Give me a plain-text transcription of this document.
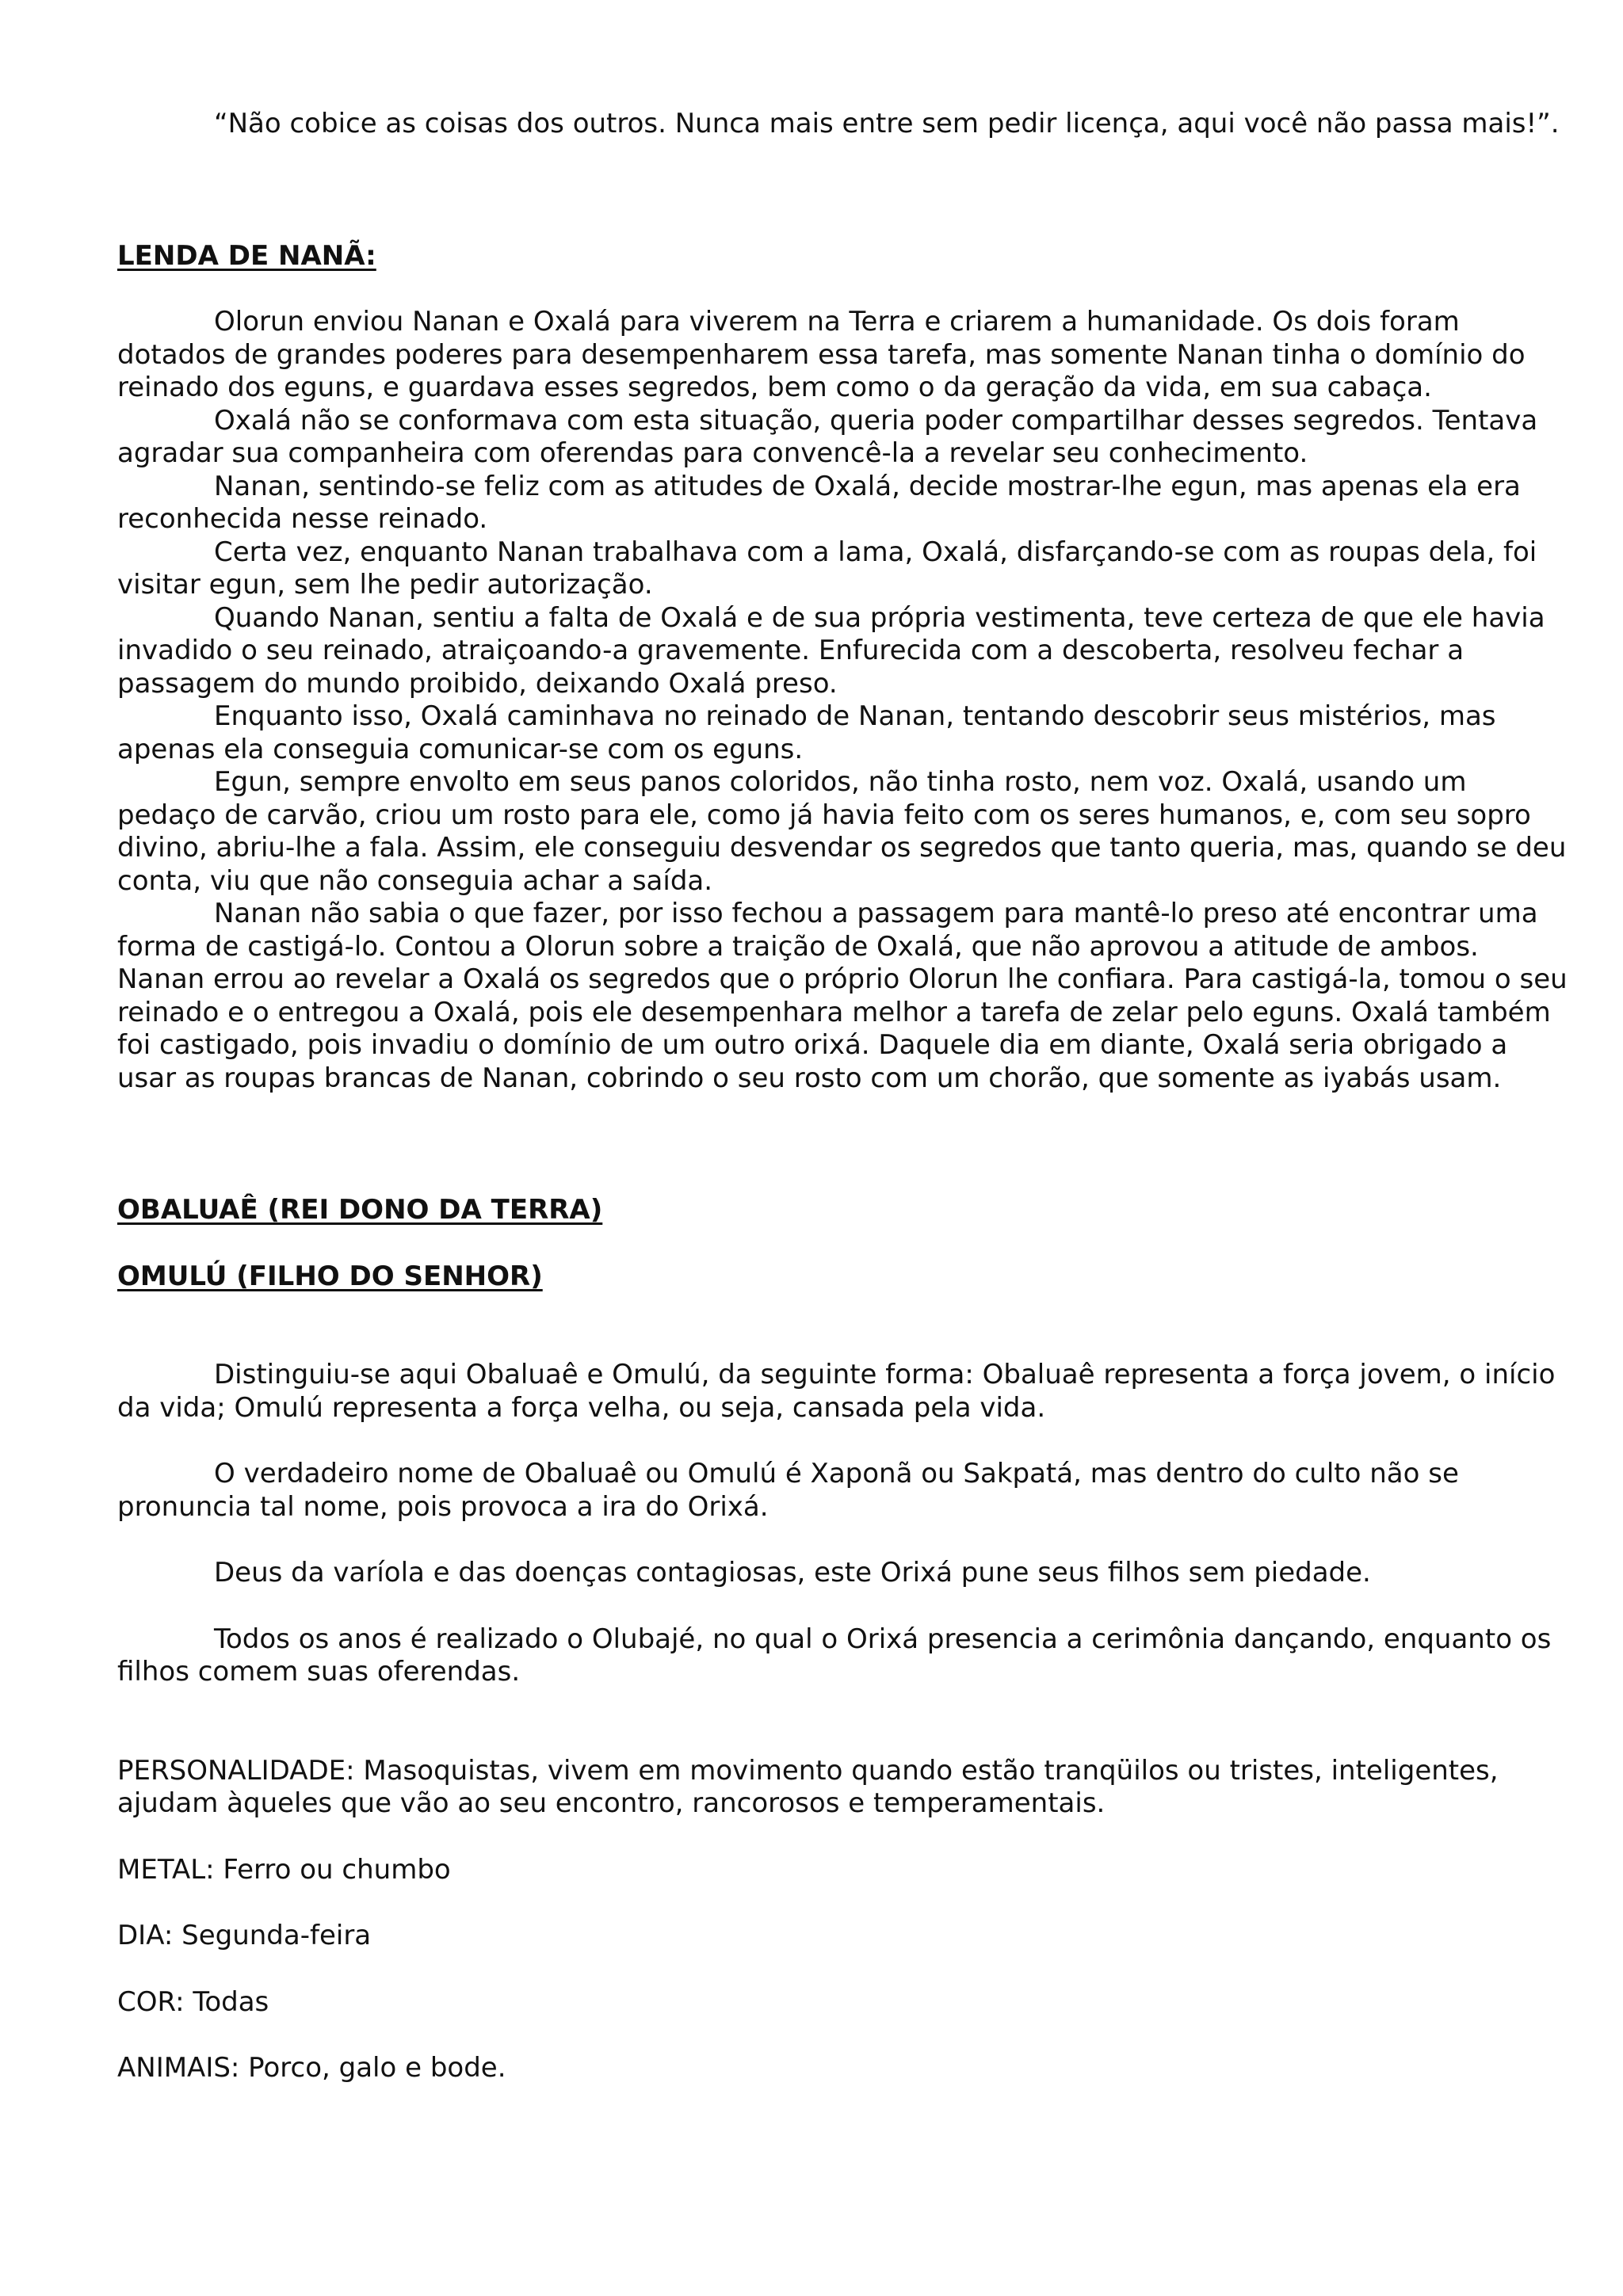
“Não cobice as coisas dos outros. Nunca mais entre sem pedir licença, aqui você não passa mais!”.

LENDA DE NANÃ:

Olorun enviou Nanan e Oxalá para viverem na Terra e criarem a humanidade. Os dois foram dotados de grandes poderes para desempenharem essa tarefa, mas somente Nanan tinha o domínio do reinado dos eguns, e guardava esses segredos, bem como o da geração da vida, em sua cabaça.

Oxalá não se conformava com esta situação, queria poder compartilhar desses segredos. Tentava agradar sua companheira com oferendas para convencê-la a revelar seu conhecimento.

Nanan, sentindo-se feliz com as atitudes de Oxalá, decide mostrar-lhe egun, mas apenas ela era reconhecida nesse reinado.

Certa vez, enquanto Nanan trabalhava com a lama, Oxalá, disfarçando-se com as roupas dela, foi visitar egun, sem lhe pedir autorização.

Quando Nanan, sentiu a falta de Oxalá e de sua própria vestimenta, teve certeza de que ele havia invadido o seu reinado, atraiçoando-a gravemente. Enfurecida com a descoberta, resolveu fechar a passagem do mundo proibido, deixando Oxalá preso.

Enquanto isso, Oxalá caminhava no reinado de Nanan, tentando descobrir seus mistérios, mas apenas ela conseguia comunicar-se com os eguns.

Egun, sempre envolto em seus panos coloridos, não tinha rosto, nem voz. Oxalá, usando um pedaço de carvão, criou um rosto para ele, como já havia feito com os seres humanos, e, com seu sopro divino, abriu-lhe a fala. Assim, ele conseguiu desvendar os segredos que tanto queria, mas, quando se deu conta, viu que não conseguia achar a saída.

Nanan não sabia o que fazer, por isso fechou a passagem para mantê-lo preso até encontrar uma forma de castigá-lo. Contou a Olorun sobre a traição de Oxalá, que não aprovou a atitude de ambos. Nanan errou ao revelar a Oxalá os segredos que o próprio Olorun lhe confiara. Para castigá-la, tomou o seu reinado e o entregou a Oxalá, pois ele desempenhara melhor a tarefa de zelar pelo eguns. Oxalá também foi castigado, pois invadiu o domínio de um outro orixá. Daquele dia em diante, Oxalá seria obrigado a usar as roupas brancas de Nanan, cobrindo o seu rosto com um chorão, que somente as iyabás usam.

OBALUAÊ (REI DONO DA TERRA)

OMULÚ (FILHO DO SENHOR)

Distinguiu-se aqui Obaluaê e Omulú, da seguinte forma: Obaluaê representa a força jovem, o início da vida; Omulú representa a força velha, ou seja, cansada pela vida.

O verdadeiro nome de Obaluaê ou Omulú é Xaponã ou Sakpatá, mas dentro do culto não se pronuncia tal nome, pois provoca a ira do Orixá.

Deus da varíola e das doenças contagiosas, este Orixá pune seus filhos sem piedade.

Todos os anos é realizado o Olubajé, no qual o Orixá presencia a cerimônia dançando, enquanto os filhos comem suas oferendas.

PERSONALIDADE: Masoquistas, vivem em movimento quando estão tranqüilos ou tristes, inteligentes, ajudam àqueles que vão ao seu encontro, rancorosos e temperamentais.

METAL: Ferro ou chumbo

DIA: Segunda-feira

COR: Todas

ANIMAIS: Porco, galo e bode.
